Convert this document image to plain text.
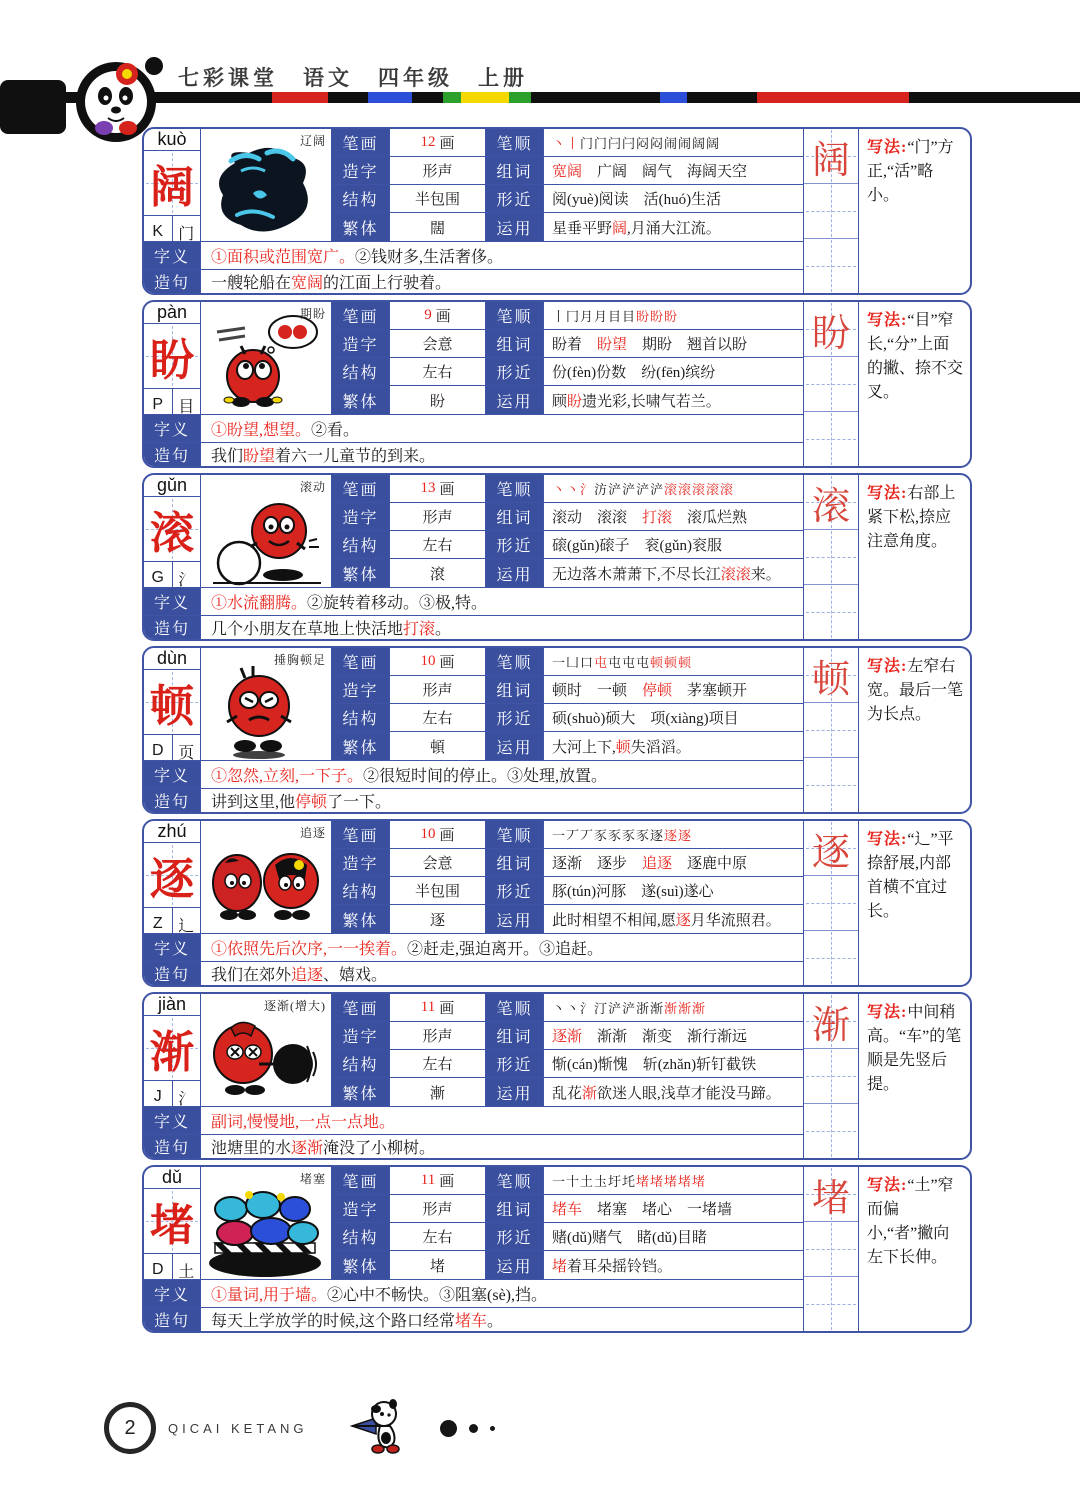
七彩课堂　语文　四年级　上册
kuò
阔
K 门
辽阔	笔画	12 画	笔顺	丶丨 门门闩闩闷闷闹闹阔阔
造字	形声	组词	宽阔 　广阔　阔气　海阔天空
结构	半包围	形近	阅(yuè)阅读　活(huó)生活
繁体	闊	运用	星垂平野 阔 ,月涌大江流。
字义	①面积或范围宽广。 ②钱财多,生活奢侈。
造句	一艘轮船在 宽阔 的江面上行驶着。
阔	写法:“门”方正,“活”略小。
pàn
盼
P 目
期盼	笔画	9 画	笔顺	丨冂月月目目 盼盼盼
造字	会意	组词	盼着　 盼望 　期盼　翘首以盼
结构	左右	形近	份(fèn)份数　纷(fēn)缤纷
繁体	盼	运用	顾 盼 遗光彩,长啸气若兰。
字义	①盼望,想望。 ②看。
造句	我们 盼望 着六一儿童节的到来。
盼	写法:“目”窄长,“分”上面的撇、捺不交叉。
gǔn
滚
G 氵
滚动	笔画	13 画	笔顺	丶丶氵 汸浐浐浐浐 滚滚滚滚滚
造字	形声	组词	滚动　滚滚　 打滚 　滚瓜烂熟
结构	左右	形近	磙(gǔn)磙子　衮(gǔn)衮服
繁体	滾	运用	无边落木萧萧下,不尽长江 滚滚 来。
字义	①水流翻腾。 ②旋转着移动。③极,特。
造句	几个小朋友在草地上快活地 打滚 。
滚	写法:右部上紧下松,捺应注意角度。
dùn
顿
D 页
捶胸顿足	笔画	10 画	笔顺	一凵口 屯 屯屯屯 顿顿顿
造字	形声	组词	顿时　一顿　 停顿 　茅塞顿开
结构	左右	形近	硕(shuò)硕大　项(xiàng)项目
繁体	頓	运用	大河上下, 顿 失滔滔。
字义	①忽然,立刻,一下子。 ②很短时间的停止。③处理,放置。
造句	讲到这里,他 停顿 了一下。
顿	写法:左窄右宽。最后一笔为长点。
zhú
逐
Z 辶
追逐	笔画	10 画	笔顺	一丆丆豕豕豕豕逐 逐逐
造字	会意	组词	逐渐　逐步　 追逐 　逐鹿中原
结构	半包围	形近	豚(tún)河豚　遂(suì)遂心
繁体	逐	运用	此时相望不相闻,愿 逐 月华流照君。
字义	①依照先后次序,一一挨着。 ②赶走,强迫离开。③追赶。
造句	我们在郊外 追逐 、嬉戏。
逐	写法:“辶”平捺舒展,内部首横不宜过长。
jiàn
渐
J	氵
逐渐(增大)	笔画	11 画	笔顺	丶丶氵汀浐浐浙渐 渐渐渐
造字	形声	组词	逐渐 　渐渐　渐变　渐行渐远
结构	左右	形近	惭(cán)惭愧　斩(zhǎn)斩钉截铁
繁体	漸	运用	乱花 渐 欲迷人眼,浅草才能没马蹄。
字义	副词,慢慢地,一点一点地。
造句	池塘里的水 逐渐 淹没了小柳树。
渐	写法:中间稍高。“车”的笔顺是先竖后提。
dǔ
堵
D 土
堵塞	笔画	11 画	笔顺	一十土圡圩圫 堵堵堵堵堵
造字	形声	组词	堵车 　堵塞　堵心　一堵墙
结构	左右	形近	赌(dǔ)赌气　睹(dǔ)目睹
繁体	堵	运用	堵 着耳朵摇铃铛。
字义	①量词,用于墙。 ②心中不畅快。③阻塞(sè),挡。
造句	每天上学放学的时候,这个路口经常 堵车 。
堵	写法:“土”窄而偏小,“者”撇向左下长伸。
2	QICAI KETANG
